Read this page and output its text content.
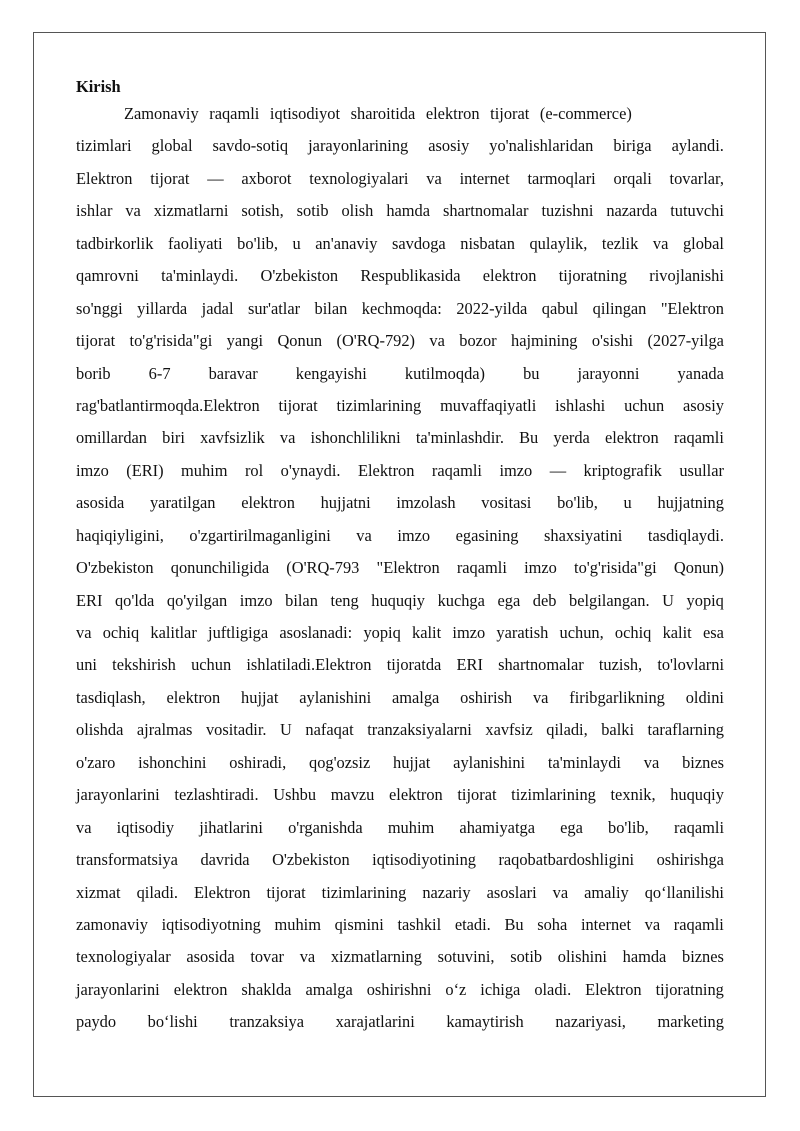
Kirish
Zamonaviy raqamli iqtisodiyot sharoitida elektron tijorat (e-commerce)
tizimlari global savdo-sotiq jarayonlarining asosiy yo'nalishlaridan biriga aylandi.
Elektron tijorat — axborot texnologiyalari va internet tarmoqlari orqali tovarlar,
ishlar va xizmatlarni sotish, sotib olish hamda shartnomalar tuzishni nazarda tutuvchi
tadbirkorlik faoliyati bo'lib, u an'anaviy savdoga nisbatan qulaylik, tezlik va global
qamrovni ta'minlaydi. O'zbekiston Respublikasida elektron tijoratning rivojlanishi
so'nggi yillarda jadal sur'atlar bilan kechmoqda: 2022-yilda qabul qilingan "Elektron
tijorat to'g'risida"gi yangi Qonun (O'RQ-792) va bozor hajmining o'sishi (2027-yilga
borib 6-7 baravar kengayishi kutilmoqda) bu jarayonni yanada
rag'batlantirmoqda.Elektron tijorat tizimlarining muvaffaqiyatli ishlashi uchun asosiy
omillardan biri xavfsizlik va ishonchlilikni ta'minlashdir. Bu yerda elektron raqamli
imzo (ERI) muhim rol o'ynaydi. Elektron raqamli imzo — kriptografik usullar
asosida yaratilgan elektron hujjatni imzolash vositasi bo'lib, u hujjatning
haqiqiyligini, o'zgartirilmaganligini va imzo egasining shaxsiyatini tasdiqlaydi.
O'zbekiston qonunchiligida (O'RQ-793 "Elektron raqamli imzo to'g'risida"gi Qonun)
ERI qo'lda qo'yilgan imzo bilan teng huquqiy kuchga ega deb belgilangan. U yopiq
va ochiq kalitlar juftligiga asoslanadi: yopiq kalit imzo yaratish uchun, ochiq kalit esa
uni tekshirish uchun ishlatiladi.Elektron tijoratda ERI shartnomalar tuzish, to'lovlarni
tasdiqlash, elektron hujjat aylanishini amalga oshirish va firibgarlikning oldini
olishda ajralmas vositadir. U nafaqat tranzaksiyalarni xavfsiz qiladi, balki taraflarning
o'zaro ishonchini oshiradi, qog'ozsiz hujjat aylanishini ta'minlaydi va biznes
jarayonlarini tezlashtiradi. Ushbu mavzu elektron tijorat tizimlarining texnik, huquqiy
va iqtisodiy jihatlarini o'rganishda muhim ahamiyatga ega bo'lib, raqamli
transformatsiya davrida O'zbekiston iqtisodiyotining raqobatbardoshligini oshirishga
xizmat qiladi. Elektron tijorat tizimlarining nazariy asoslari va amaliy qo‘llanilishi
zamonaviy iqtisodiyotning muhim qismini tashkil etadi. Bu soha internet va raqamli
texnologiyalar asosida tovar va xizmatlarning sotuvini, sotib olishini hamda biznes
jarayonlarini elektron shaklda amalga oshirishni o‘z ichiga oladi. Elektron tijoratning
paydo bo‘lishi tranzaksiya xarajatlarini kamaytirish nazariyasi, marketing
